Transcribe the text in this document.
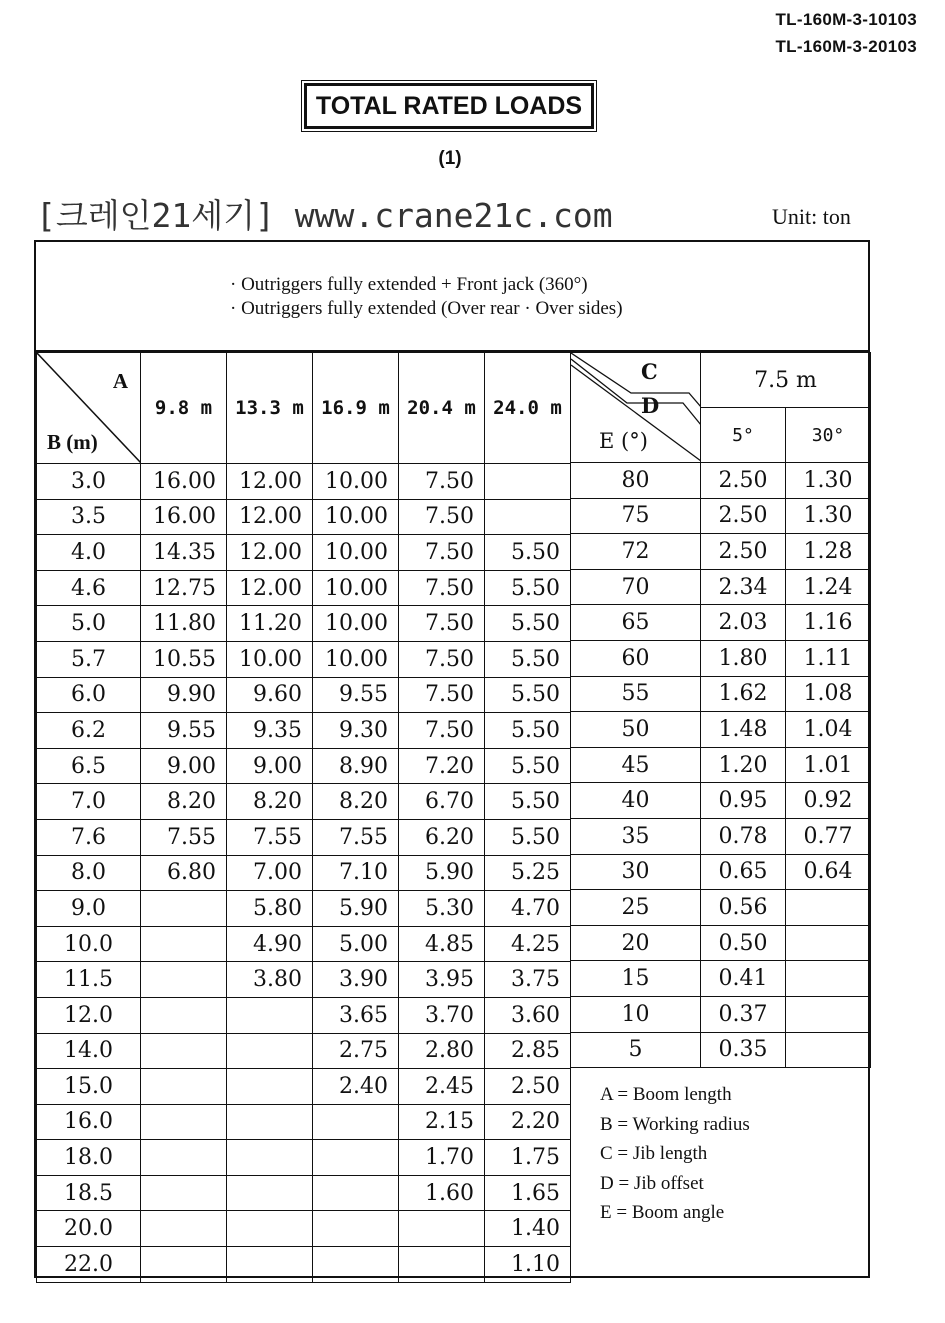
TL-160M-3-10103
TL-160M-3-20103
TOTAL RATED LOADS
(1)
[크레인21세기] www.crane21c.com	Unit: ton
· Outriggers fully extended + Front jack (360°)
· Outriggers fully extended (Over rear · Over sides)
A
B (m)	9.8 m	13.3 m	16.9 m	20.4 m	24.0 m
3.0	16.00	12.00	10.00	7.50	
3.5	16.00	12.00	10.00	7.50	
4.0	14.35	12.00	10.00	7.50	5.50
4.6	12.75	12.00	10.00	7.50	5.50
5.0	11.80	11.20	10.00	7.50	5.50
5.7	10.55	10.00	10.00	7.50	5.50
6.0	9.90	9.60	9.55	7.50	5.50
6.2	9.55	9.35	9.30	7.50	5.50
6.5	9.00	9.00	8.90	7.20	5.50
7.0	8.20	8.20	8.20	6.70	5.50
7.6	7.55	7.55	7.55	6.20	5.50
8.0	6.80	7.00	7.10	5.90	5.25
9.0		5.80	5.90	5.30	4.70
10.0		4.90	5.00	4.85	4.25
11.5		3.80	3.90	3.95	3.75
12.0			3.65	3.70	3.60
14.0			2.75	2.80	2.85
15.0			2.40	2.45	2.50
16.0				2.15	2.20
18.0				1.70	1.75
18.5				1.60	1.65
20.0					1.40
22.0					1.10
C
D
E (°)	7.5 m	
	5°	30°
80	2.50	1.30
75	2.50	1.30
72	2.50	1.28
70	2.34	1.24
65	2.03	1.16
60	1.80	1.11
55	1.62	1.08
50	1.48	1.04
45	1.20	1.01
40	0.95	0.92
35	0.78	0.77
30	0.65	0.64
25	0.56	
20	0.50	
15	0.41	
10	0.37	
5	0.35	
A = Boom length
B = Working radius
C = Jib length
D = Jib offset
E = Boom angle
